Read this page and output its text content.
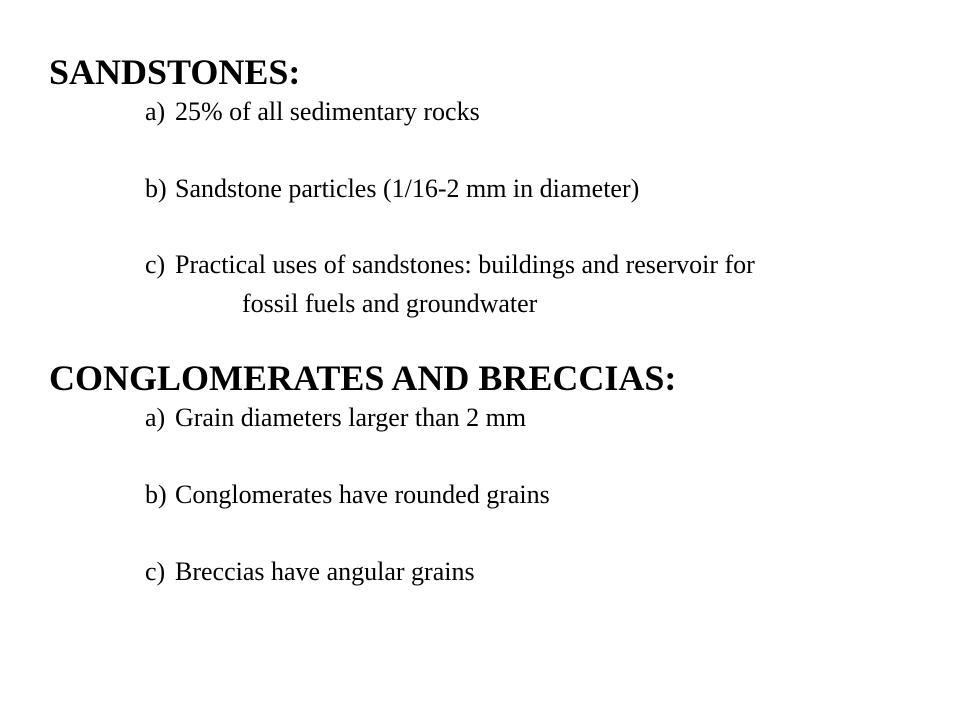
SANDSTONES:
a) 25% of all sedimentary rocks
b) Sandstone particles (1/16-2 mm in diameter)
c) Practical uses of sandstones: buildings and reservoir for
fossil fuels and groundwater
CONGLOMERATES AND BRECCIAS:
a) Grain diameters larger than 2 mm
b) Conglomerates have rounded grains
c) Breccias have angular grains
